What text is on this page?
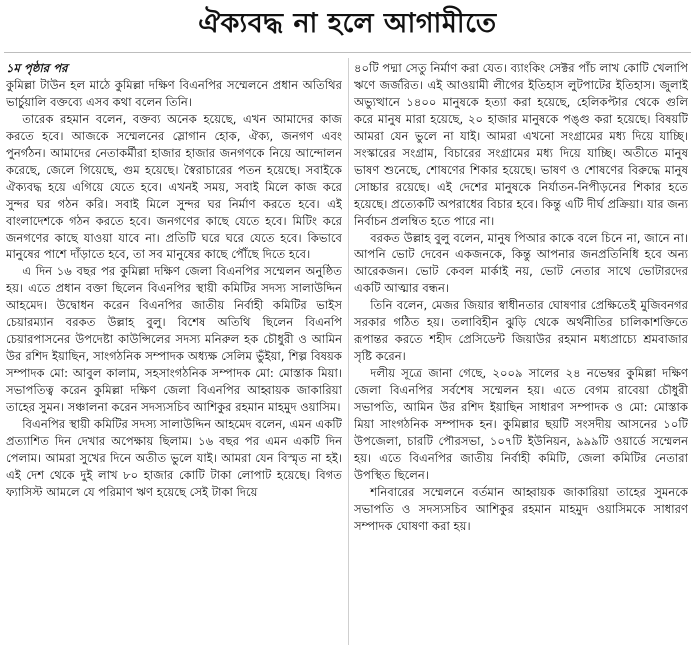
ঐক্যবদ্ধ না হলে আগামীতে
১ম পৃষ্ঠার পর

কুমিল্লা টাউন হল মাঠে কুমিল্লা দক্ষিণ বিএনপির সম্মেলনে প্রধান অতিথির ভার্চুয়ালি বক্তব্যে এসব কথা বলেন তিনি।

তারেক রহমান বলেন, বক্তব্য অনেক হয়েছে, এখন আমাদের কাজ করতে হবে। আজকে সম্মেলনের স্লোগান হোক, ঐক্য, জনগণ এবং পুনর্গঠন। আমাদের নেতাকর্মীরা হাজার হাজার জনগণকে নিয়ে আন্দোলন করেছে, জেলে গিয়েছে, গুম হয়েছে। স্বৈরাচারের পতন হয়েছে। সবাইকে ঐক্যবদ্ধ হয়ে এগিয়ে যেতে হবে। এখনই সময়, সবাই মিলে কাজ করে সুন্দর ঘর গঠন করি। সবাই মিলে সুন্দর ঘর নির্মাণ করতে হবে। এই বাংলাদেশকে গঠন করতে হবে। জনগণের কাছে যেতে হবে। মিটিং করে জনগণের কাছে যাওয়া যাবে না। প্রতিটি ঘরে ঘরে যেতে হবে। কিভাবে মানুষের পাশে দাঁড়াতে হবে, তা সব মানুষের কাছে পৌঁছে দিতে হবে।

এ দিন ১৬ বছর পর কুমিল্লা দক্ষিণ জেলা বিএনপির সম্মেলন অনুষ্ঠিত হয়। এতে প্রধান বক্তা ছিলেন বিএনপির স্থায়ী কমিটির সদস্য সালাউদ্দিন আহমেদ। উদ্বোধন করেন বিএনপির জাতীয় নির্বাহী কমিটির ভাইস চেয়ারম্যান বরকত উল্লাহ বুলু। বিশেষ অতিথি ছিলেন বিএনপি চেয়ারপাসনের উপদেষ্টা কাউন্সিলের সদস্য মনিরুল হক চৌধুরী ও আমিন উর রশিদ ইয়াছিন, সাংগঠনিক সম্পাদক অধ্যক্ষ সেলিম ভুঁইয়া, শিল্প বিষয়ক সম্পাদক মো: আবুল কালাম, সহসাংগঠনিক সম্পাদক মো: মোস্তাক মিয়া। সভাপতিত্ব করেন কুমিল্লা দক্ষিণ জেলা বিএনপির আহ্বায়ক জাকারিয়া তাহের সুমন। সঞ্চালনা করেন সদস্যসচিব আশিকুর রহমান মাহমুদ ওয়াসিম।

বিএনপির স্থায়ী কমিটির সদস্য সালাউদ্দিন আহমেদ বলেন, এমন একটি প্রত্যাশিত দিন দেখার অপেক্ষায় ছিলাম। ১৬ বছর পর এমন একটি দিন পেলাম। আমরা সুখের দিনে অতীত ভুলে যাই। আমরা যেন বিস্মৃত না হই। এই দেশ থেকে দুই লাখ ৮০ হাজার কোটি টাকা লোপাট হয়েছে। বিগত ফ্যাসিস্ট আমলে যে পরিমাণ ঋণ হয়েছে সেই টাকা দিয়ে

৪০টি পদ্মা সেতু নির্মাণ করা যেত। ব্যাংকিং সেক্টর পাঁচ লাখ কোটি খেলাপি ঋণে জর্জরিত। এই আওয়ামী লীগের ইতিহাস লুটপাটের ইতিহাস। জুলাই অভ্যুত্থানে ১৪০০ মানুষকে হত্যা করা হয়েছে, হেলিকপ্টার থেকে গুলি করে মানুষ মারা হয়েছে, ২০ হাজার মানুষকে পঙ্গু করা হয়েছে। বিষয়টি আমরা যেন ভুলে না যাই। আমরা এখনো সংগ্রামের মধ্য দিয়ে যাচ্ছি। সংস্কারের সংগ্রাম, বিচারের সংগ্রামের মধ্য দিয়ে যাচ্ছি। অতীতে মানুষ ভাষণ শুনেছে, শোষণের শিকার হয়েছে। ভাষণ ও শোষণের বিরুদ্ধে মানুষ সোচ্চার রয়েছে। এই দেশের মানুষকে নির্যাতন-নিপীড়নের শিকার হতে হয়েছে। প্রত্যেকটি অপরাধের বিচার হবে। কিন্তু এটি দীর্ঘ প্রক্রিয়া। যার জন্য নির্বাচন প্রলম্বিত হতে পারে না।

বরকত উল্লাহ বুলু বলেন, মানুষ পিআর কাকে বলে চিনে না, জানে না। আপনি ভোট দেবেন একজনকে, কিন্তু আপনার জনপ্রতিনিধি হবে অন্য আরেকজন। ভোট কেবল মার্কাই নয়, ভোট নেতার সাথে ভোটারদের একটি আত্মার বন্ধন।

তিনি বলেন, মেজর জিয়ার স্বাধীনতার ঘোষণার প্রেক্ষিতেই মুজিবনগর সরকার গঠিত হয়। তলাবিহীন ঝুড়ি থেকে অর্থনীতির চালিকাশক্তিতে রূপান্তর করতে শহীদ প্রেসিডেন্ট জিয়াউর রহমান মধ্যপ্রাচ্যে শ্রমবাজার সৃষ্টি করেন।

দলীয় সূত্রে জানা গেছে, ২০০৯ সালের ২৪ নভেম্বর কুমিল্লা দক্ষিণ জেলা বিএনপির সর্বশেষ সম্মেলন হয়। এতে বেগম রাবেয়া চৌধুরী সভাপতি, আমিন উর রশিদ ইয়াছিন সাধারণ সম্পাদক ও মো: মোস্তাক মিয়া সাংগঠনিক সম্পাদক হন। কুমিল্লার ছয়টি সংসদীয় আসনের ১০টি উপজেলা, চারটি পৌরসভা, ১০৭টি ইউনিয়ন, ৯৯৯টি ওয়ার্ডে সম্মেলন হয়। এতে বিএনপির জাতীয় নির্বাহী কমিটি, জেলা কমিটির নেতারা উপস্থিত ছিলেন।

শনিবারের সম্মেলনে বর্তমান আহ্বায়ক জাকারিয়া তাহের সুমনকে সভাপতি ও সদস্যসচিব আশিকুর রহমান মাহমুদ ওয়াসিমকে সাধারণ সম্পাদক ঘোষণা করা হয়।
